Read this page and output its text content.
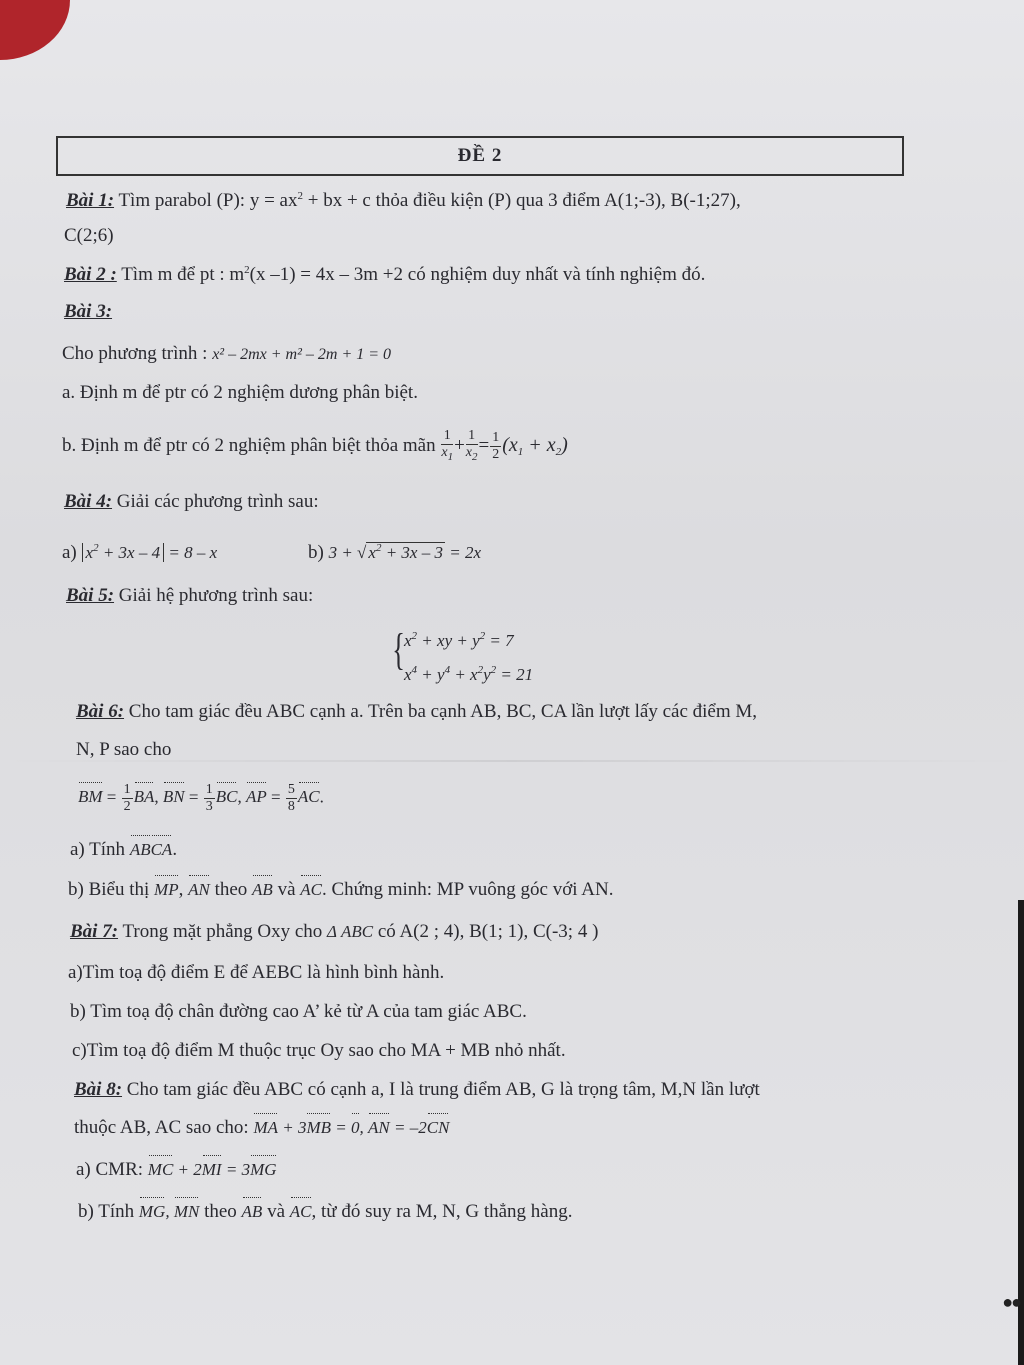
●●
ĐỀ 2
Bài 1: Tìm parabol (P): $y = ax^2$ + bx + c thỏa điều kiện (P) qua 3 điểm A(1;-3), B(-1;27),
C(2;6)
Bài 2 : Tìm m để pt : $m^2(x$ –1) = 4x – 3m +2 có nghiệm duy nhất và tính nghiệm đó.
Bài 3:
Cho phương trình : x² – 2mx + m² – 2m + 1 = 0
a. Định m để ptr có 2 nghiệm dương phân biệt.
b. Định m để ptr có 2 nghiệm phân biệt thỏa mãn $\frac{1}{x_1} + \frac{1}{x_2} = \frac{1}{2} (x_1 + x_2)$
Bài 4: Giải các phương trình sau:
a) $x^2 + 3x - 4 = 8 - x$	b) 3 + √ $x^2 + 3x - 3 = 2x$
Bài 5: Giải hệ phương trình sau:
{ $x^2$ + xy + $y^2 = 7$
$x^4 + y^4 + x^2y^2 = 21$
Bài 6: Cho tam giác đều ABC cạnh a. Trên ba cạnh AB, BC, CA lần lượt lấy các điểm M,
N, P sao cho
BM = $\frac{1}{2}$ BA, BN = $\frac{1}{3}$ BC, AP = $\frac{5}{8}$ AC.
a) Tính ABCA.
b) Biểu thị MP, AN theo AB và AC. Chứng minh: MP vuông góc với AN.
Bài 7: Trong mặt phẳng Oxy cho Δ ABC có A(2 ; 4), B(1; 1), C(-3; 4 )
a)Tìm toạ độ điểm E để AEBC là hình bình hành.
b) Tìm toạ độ chân đường cao A’ kẻ từ A của tam giác ABC.
c)Tìm toạ độ điểm M thuộc trục Oy sao cho MA + MB nhỏ nhất.
Bài 8: Cho tam giác đều ABC có cạnh a, I là trung điểm AB, G là trọng tâm, M,N lần lượt
thuộc AB, AC sao cho: MA + 3MB = 0, AN = –2CN
a) CMR: MC + 2MI = 3MG
b) Tính MG, MN theo AB và AC, từ đó suy ra M, N, G thẳng hàng.
